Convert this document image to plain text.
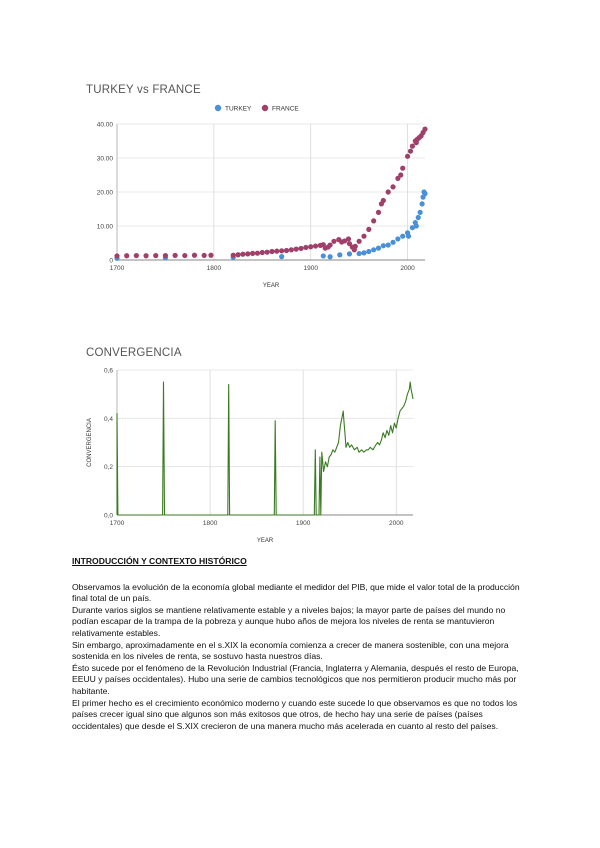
TURKEY vs FRANCE
0
10.00
20.00
30.00
40.00
1700	1800	1900	2000
YEAR
TURKEY	FRANCE
CONVERGENCIA
0,0
0,2
0,4
0,6
1700	1800	1900	2000
YEAR
CONVERGENCIA
INTRODUCCIÓN Y CONTEXTO HISTÓRICO

Observamos la evolución de la economía global mediante el medidor del PIB, que mide el valor total de la producción final total de un país.

Durante varios siglos se mantiene relativamente estable y a niveles bajos; la mayor parte de países del mundo no podían escapar de la trampa de la pobreza y aunque hubo años de mejora los niveles de renta se mantuvieron relativamente estables.

Sin embargo, aproximadamente en el s.XIX la economía comienza a crecer de manera sostenible, con una mejora sostenida en los niveles de renta, se sostuvo hasta nuestros días.

Ésto sucede por el fenómeno de la Revolución Industrial (Francia, Inglaterra y Alemania, después el resto de Europa, EEUU y países occidentales). Hubo una serie de cambios tecnológicos que nos permitieron producir mucho más por habitante.

El primer hecho es el crecimiento económico moderno y cuando este sucede lo que observamos es que no todos los países crecer igual sino que algunos son más exitosos que otros, de hecho hay una serie de países (países occidentales) que desde el S.XIX crecieron de una manera mucho más acelerada en cuanto al resto del países.
